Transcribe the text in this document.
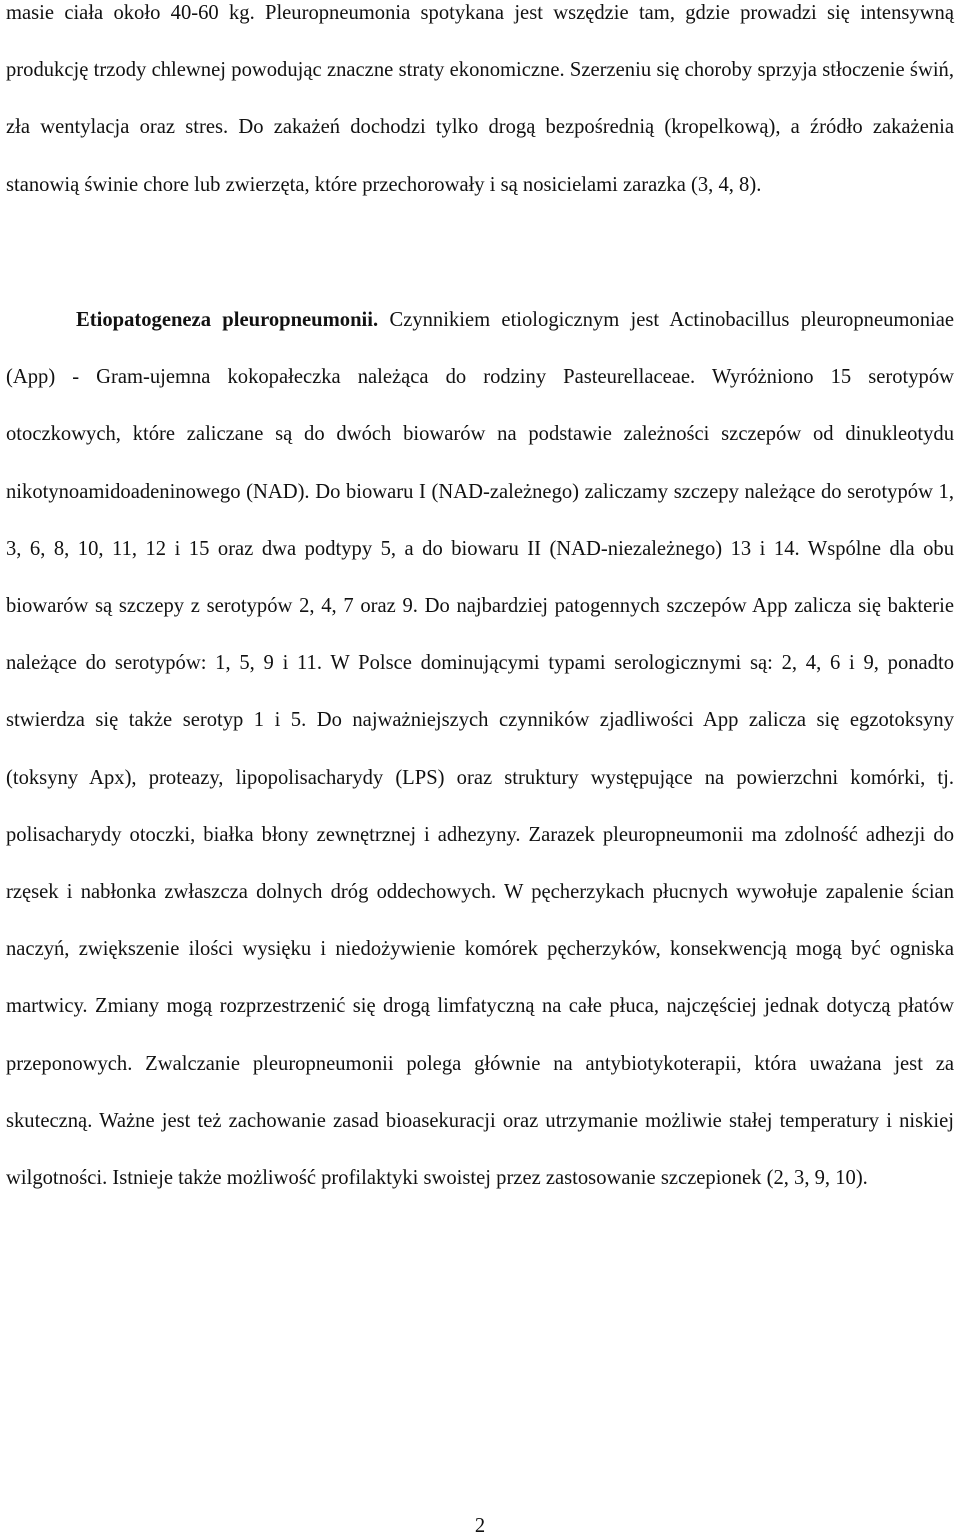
masie ciała około 40-60 kg. Pleuropneumonia spotykana jest wszędzie tam, gdzie prowadzi się intensywną produkcję trzody chlewnej powodując znaczne straty ekonomiczne. Szerzeniu się choroby sprzyja stłoczenie świń, zła wentylacja oraz stres. Do zakażeń dochodzi tylko drogą bezpośrednią (kropelkową), a źródło zakażenia stanowią świnie chore lub zwierzęta, które przechorowały i są nosicielami zarazka (3, 4, 8).

Etiopatogeneza pleuropneumonii. Czynnikiem etiologicznym jest Actinobacillus pleuropneumoniae (App) - Gram-ujemna kokopałeczka należąca do rodziny Pasteurellaceae. Wyróżniono 15 serotypów otoczkowych, które zaliczane są do dwóch biowarów na podstawie zależności szczepów od dinukleotydu nikotynoamidoadeninowego (NAD). Do biowaru I (NAD-zależnego) zaliczamy szczepy należące do serotypów 1, 3, 6, 8, 10, 11, 12 i 15 oraz dwa podtypy 5, a do biowaru II (NAD-niezależnego) 13 i 14. Wspólne dla obu biowarów są szczepy z serotypów 2, 4, 7 oraz 9. Do najbardziej patogennych szczepów App zalicza się bakterie należące do serotypów: 1, 5, 9 i 11. W Polsce dominującymi typami serologicznymi są: 2, 4, 6 i 9, ponadto stwierdza się także serotyp 1 i 5. Do najważniejszych czynników zjadliwości App zalicza się egzotoksyny (toksyny Apx), proteazy, lipopolisacharydy (LPS) oraz struktury występujące na powierzchni komórki, tj. polisacharydy otoczki, białka błony zewnętrznej i adhezyny. Zarazek pleuropneumonii ma zdolność adhezji do rzęsek i nabłonka zwłaszcza dolnych dróg oddechowych. W pęcherzykach płucnych wywołuje zapalenie ścian naczyń, zwiększenie ilości wysięku i niedożywienie komórek pęcherzyków, konsekwencją mogą być ogniska martwicy. Zmiany mogą rozprzestrzenić się drogą limfatyczną na całe płuca, najczęściej jednak dotyczą płatów przeponowych. Zwalczanie pleuropneumonii polega głównie na antybiotykoterapii, która uważana jest za skuteczną. Ważne jest też zachowanie zasad bioasekuracji oraz utrzymanie możliwie stałej temperatury i niskiej wilgotności. Istnieje także możliwość profilaktyki swoistej przez zastosowanie szczepionek (2, 3, 9, 10).

2
